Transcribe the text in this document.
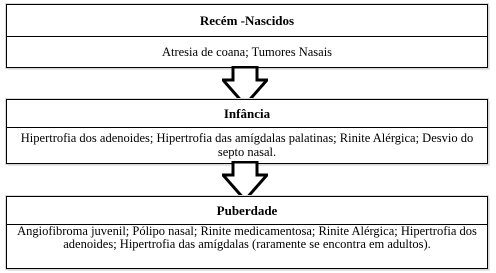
Recém -Nascidos
Atresia de coana; Tumores Nasais
Infância
Hipertrofia dos adenoides; Hipertrofia das amígdalas palatinas; Rinite Alérgica; Desvio do septo nasal.
Puberdade
Angiofibroma juvenil; Pólipo nasal; Rinite medicamentosa; Rinite Alérgica; Hipertrofia dos adenoides; Hipertrofia das amígdalas (raramente se encontra em adultos).
